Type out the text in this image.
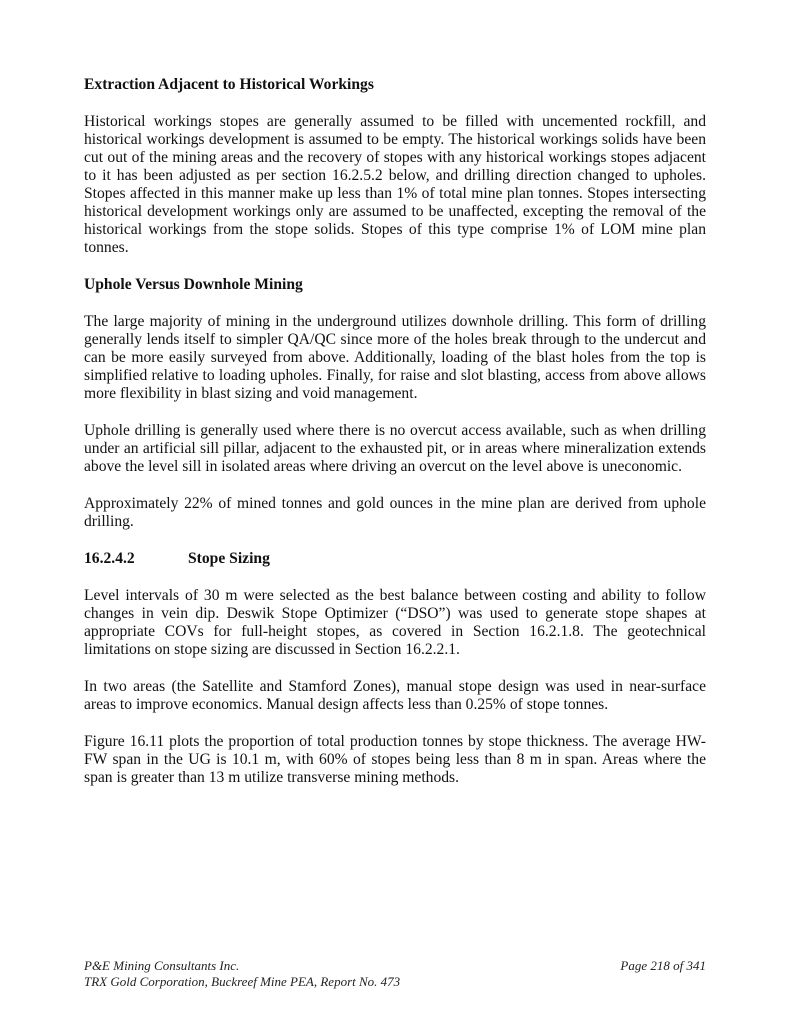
Extraction Adjacent to Historical Workings

Historical workings stopes are generally assumed to be filled with uncemented rockfill, and historical workings development is assumed to be empty. The historical workings solids have been cut out of the mining areas and the recovery of stopes with any historical workings stopes adjacent to it has been adjusted as per section 16.2.5.2 below, and drilling direction changed to upholes. Stopes affected in this manner make up less than 1% of total mine plan tonnes. Stopes intersecting historical development workings only are assumed to be unaffected, excepting the removal of the historical workings from the stope solids. Stopes of this type comprise 1% of LOM mine plan tonnes.

Uphole Versus Downhole Mining

The large majority of mining in the underground utilizes downhole drilling. This form of drilling generally lends itself to simpler QA/QC since more of the holes break through to the undercut and can be more easily surveyed from above. Additionally, loading of the blast holes from the top is simplified relative to loading upholes. Finally, for raise and slot blasting, access from above allows more flexibility in blast sizing and void management.

Uphole drilling is generally used where there is no overcut access available, such as when drilling under an artificial sill pillar, adjacent to the exhausted pit, or in areas where mineralization extends above the level sill in isolated areas where driving an overcut on the level above is uneconomic.

Approximately 22% of mined tonnes and gold ounces in the mine plan are derived from uphole drilling.

16.2.4.2	Stope Sizing

Level intervals of 30 m were selected as the best balance between costing and ability to follow changes in vein dip. Deswik Stope Optimizer (“DSO”) was used to generate stope shapes at appropriate COVs for full-height stopes, as covered in Section 16.2.1.8. The geotechnical limitations on stope sizing are discussed in Section 16.2.2.1.

In two areas (the Satellite and Stamford Zones), manual stope design was used in near-surface areas to improve economics. Manual design affects less than 0.25% of stope tonnes.

Figure 16.11 plots the proportion of total production tonnes by stope thickness. The average HW-FW span in the UG is 10.1 m, with 60% of stopes being less than 8 m in span. Areas where the span is greater than 13 m utilize transverse mining methods.

P&E Mining Consultants Inc.
TRX Gold Corporation, Buckreef Mine PEA, Report No. 473
Page 218 of 341
